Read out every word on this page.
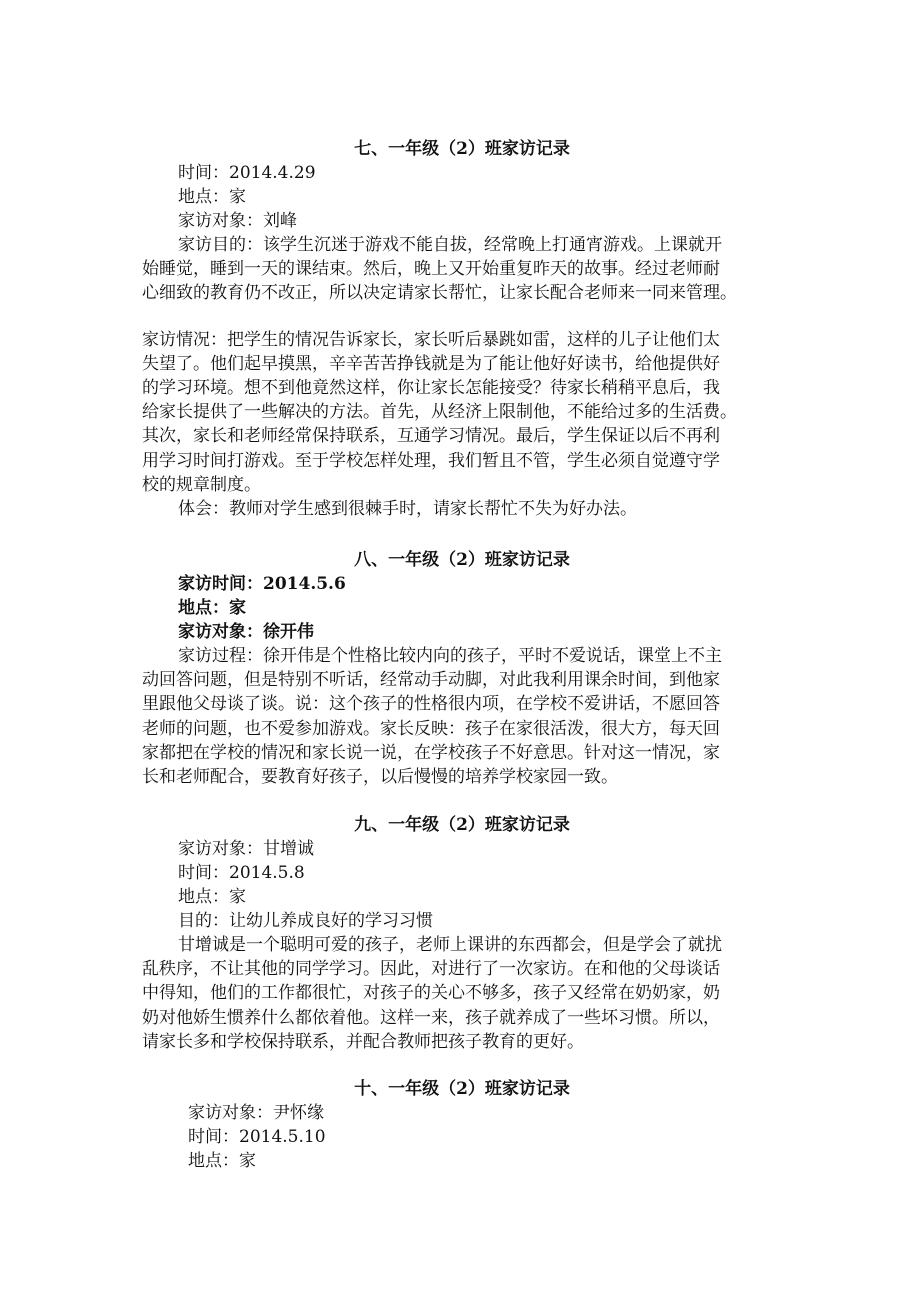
七、一年级（2）班家访记录
时间：2014.4.29
地点：家
家访对象：刘峰

家访目的：该学生沉迷于游戏不能自拔，经常晚上打通宵游戏。上课就开
始睡觉，睡到一天的课结束。然后，晚上又开始重复昨天的故事。经过老师耐
心细致的教育仍不改正，所以决定请家长帮忙，让家长配合老师来一同来管理。

家访情况：把学生的情况告诉家长，家长听后暴跳如雷，这样的儿子让他们太
失望了。他们起早摸黑，辛辛苦苦挣钱就是为了能让他好好读书，给他提供好
的学习环境。想不到他竟然这样，你让家长怎能接受？待家长稍稍平息后，我
给家长提供了一些解决的方法。首先，从经济上限制他，不能给过多的生活费。
其次，家长和老师经常保持联系，互通学习情况。最后，学生保证以后不再利
用学习时间打游戏。至于学校怎样处理，我们暂且不管，学生必须自觉遵守学
校的规章制度。

体会：教师对学生感到很棘手时，请家长帮忙不失为好办法。
八、一年级（2）班家访记录
家访时间：2014.5.6
地点：家
家访对象：徐开伟

家访过程：徐开伟是个性格比较内向的孩子，平时不爱说话，课堂上不主
动回答问题，但是特别不听话，经常动手动脚，对此我利用课余时间，到他家
里跟他父母谈了谈。说：这个孩子的性格很内项，在学校不爱讲话，不愿回答
老师的问题，也不爱参加游戏。家长反映：孩子在家很活泼，很大方，每天回
家都把在学校的情况和家长说一说，在学校孩子不好意思。针对这一情况，家
长和老师配合，要教育好孩子，以后慢慢的培养学校家园一致。

九、一年级（2）班家访记录
家访对象：甘增诚
时间：2014.5.8
地点：家
目的：让幼儿养成良好的学习习惯

甘增诚是一个聪明可爱的孩子，老师上课讲的东西都会，但是学会了就扰
乱秩序，不让其他的同学学习。因此，对进行了一次家访。在和他的父母谈话
中得知，他们的工作都很忙，对孩子的关心不够多，孩子又经常在奶奶家，奶
奶对他娇生惯养什么都依着他。这样一来，孩子就养成了一些坏习惯。所以，
请家长多和学校保持联系，并配合教师把孩子教育的更好。

十、一年级（2）班家访记录
家访对象：尹怀缘
时间：2014.5.10
地点：家
